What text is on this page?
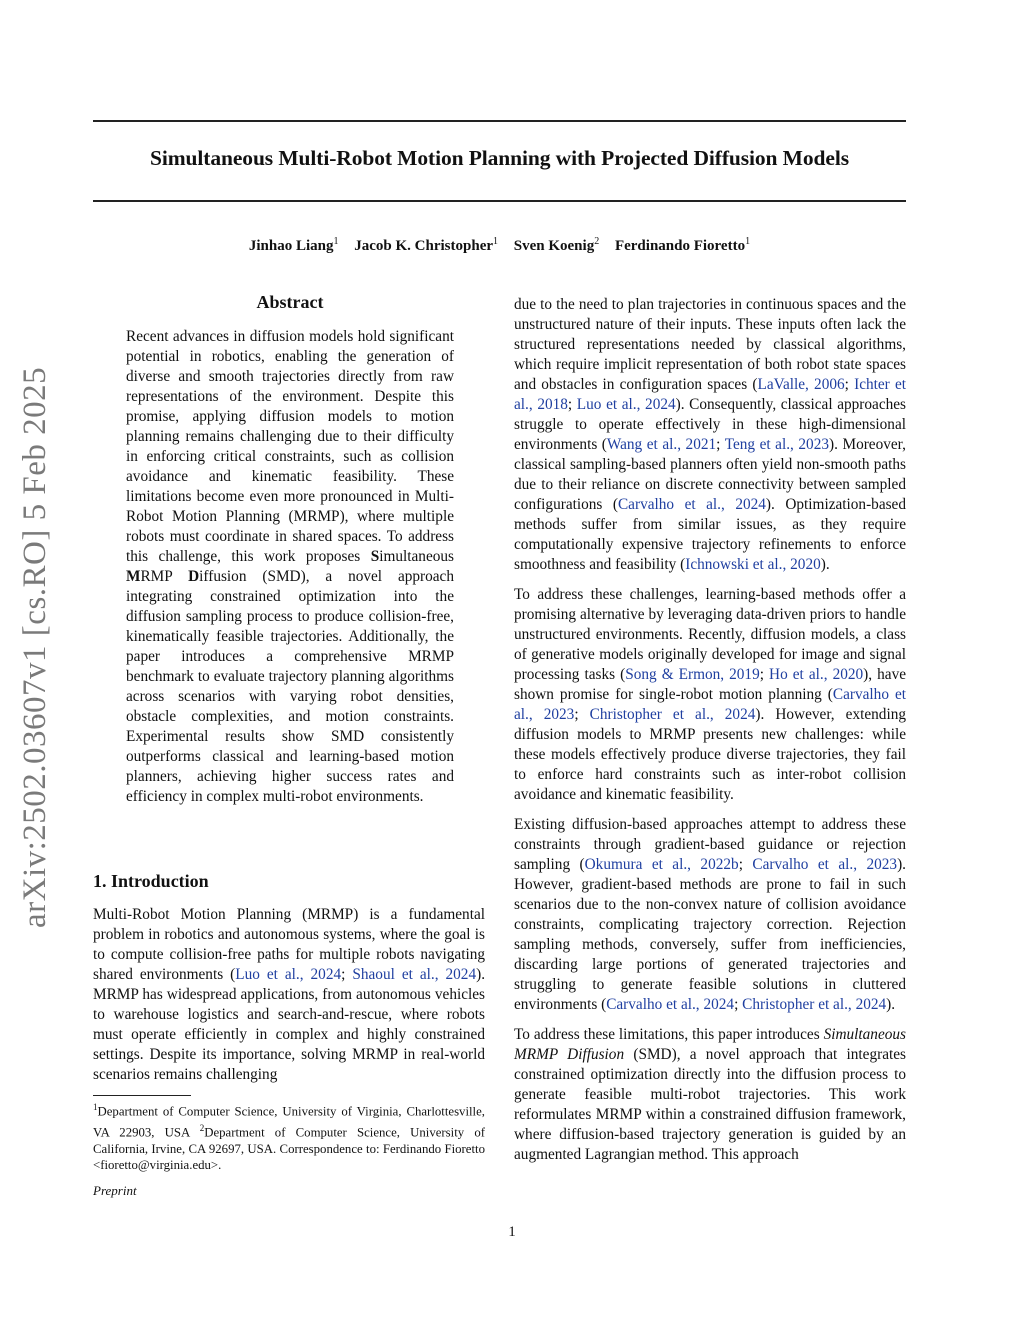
arXiv:2502.03607v1 [cs.RO] 5 Feb 2025
Simultaneous Multi-Robot Motion Planning with Projected Diffusion Models
Jinhao Liang$^1$ Jacob K. Christopher$^1$ Sven Koenig$^2$ Ferdinando Fioretto$^1$
Abstract
Recent advances in diffusion models hold significant potential in robotics, enabling the generation of diverse and smooth trajectories directly from raw representations of the environment. Despite this promise, applying diffusion models to motion planning remains challenging due to their difficulty in enforcing critical constraints, such as collision avoidance and kinematic feasibility. These limitations become even more pronounced in Multi-Robot Motion Planning (MRMP), where multiple robots must coordinate in shared spaces. To address this challenge, this work proposes Simultaneous MRMP Diffusion (SMD), a novel approach integrating constrained optimization into the diffusion sampling process to produce collision-free, kinematically feasible trajectories. Additionally, the paper introduces a comprehensive MRMP benchmark to evaluate trajectory planning algorithms across scenarios with varying robot densities, obstacle complexities, and motion constraints. Experimental results show SMD consistently outperforms classical and learning-based motion planners, achieving higher success rates and efficiency in complex multi-robot environments.
1. Introduction
Multi-Robot Motion Planning (MRMP) is a fundamental problem in robotics and autonomous systems, where the goal is to compute collision-free paths for multiple robots navigating shared environments (Luo et al., 2024; Shaoul et al., 2024). MRMP has widespread applications, from autonomous vehicles to warehouse logistics and search-and-rescue, where robots must operate efficiently in complex and highly constrained settings. Despite its importance, solving MRMP in real-world scenarios remains challenging
$^1$Department of Computer Science, University of Virginia, Charlottesville, VA 22903, USA $^2$Department of Computer Science, University of California, Irvine, CA 92697, USA. Correspondence to: Ferdinando Fioretto <fioretto@virginia.edu>.
Preprint

due to the need to plan trajectories in continuous spaces and the unstructured nature of their inputs. These inputs often lack the structured representations needed by classical algorithms, which require implicit representation of both robot state spaces and obstacles in configuration spaces (LaValle, 2006; Ichter et al., 2018; Luo et al., 2024). Consequently, classical approaches struggle to operate effectively in these high-dimensional environments (Wang et al., 2021; Teng et al., 2023). Moreover, classical sampling-based planners often yield non-smooth paths due to their reliance on discrete connectivity between sampled configurations (Carvalho et al., 2024). Optimization-based methods suffer from similar issues, as they require computationally expensive trajectory refinements to enforce smoothness and feasibility (Ichnowski et al., 2020).

To address these challenges, learning-based methods offer a promising alternative by leveraging data-driven priors to handle unstructured environments. Recently, diffusion models, a class of generative models originally developed for image and signal processing tasks (Song & Ermon, 2019; Ho et al., 2020), have shown promise for single-robot motion planning (Carvalho et al., 2023; Christopher et al., 2024). However, extending diffusion models to MRMP presents new challenges: while these models effectively produce diverse trajectories, they fail to enforce hard constraints such as inter-robot collision avoidance and kinematic feasibility.

Existing diffusion-based approaches attempt to address these constraints through gradient-based guidance or rejection sampling (Okumura et al., 2022b; Carvalho et al., 2023). However, gradient-based methods are prone to fail in such scenarios due to the non-convex nature of collision avoidance constraints, complicating trajectory correction. Rejection sampling methods, conversely, suffer from inefficiencies, discarding large portions of generated trajectories and struggling to generate feasible solutions in cluttered environments (Carvalho et al., 2024; Christopher et al., 2024).

To address these limitations, this paper introduces Simultaneous MRMP Diffusion (SMD), a novel approach that integrates constrained optimization directly into the diffusion process to generate feasible multi-robot trajectories. This work reformulates MRMP within a constrained diffusion framework, where diffusion-based trajectory generation is guided by an augmented Lagrangian method. This approach

1
